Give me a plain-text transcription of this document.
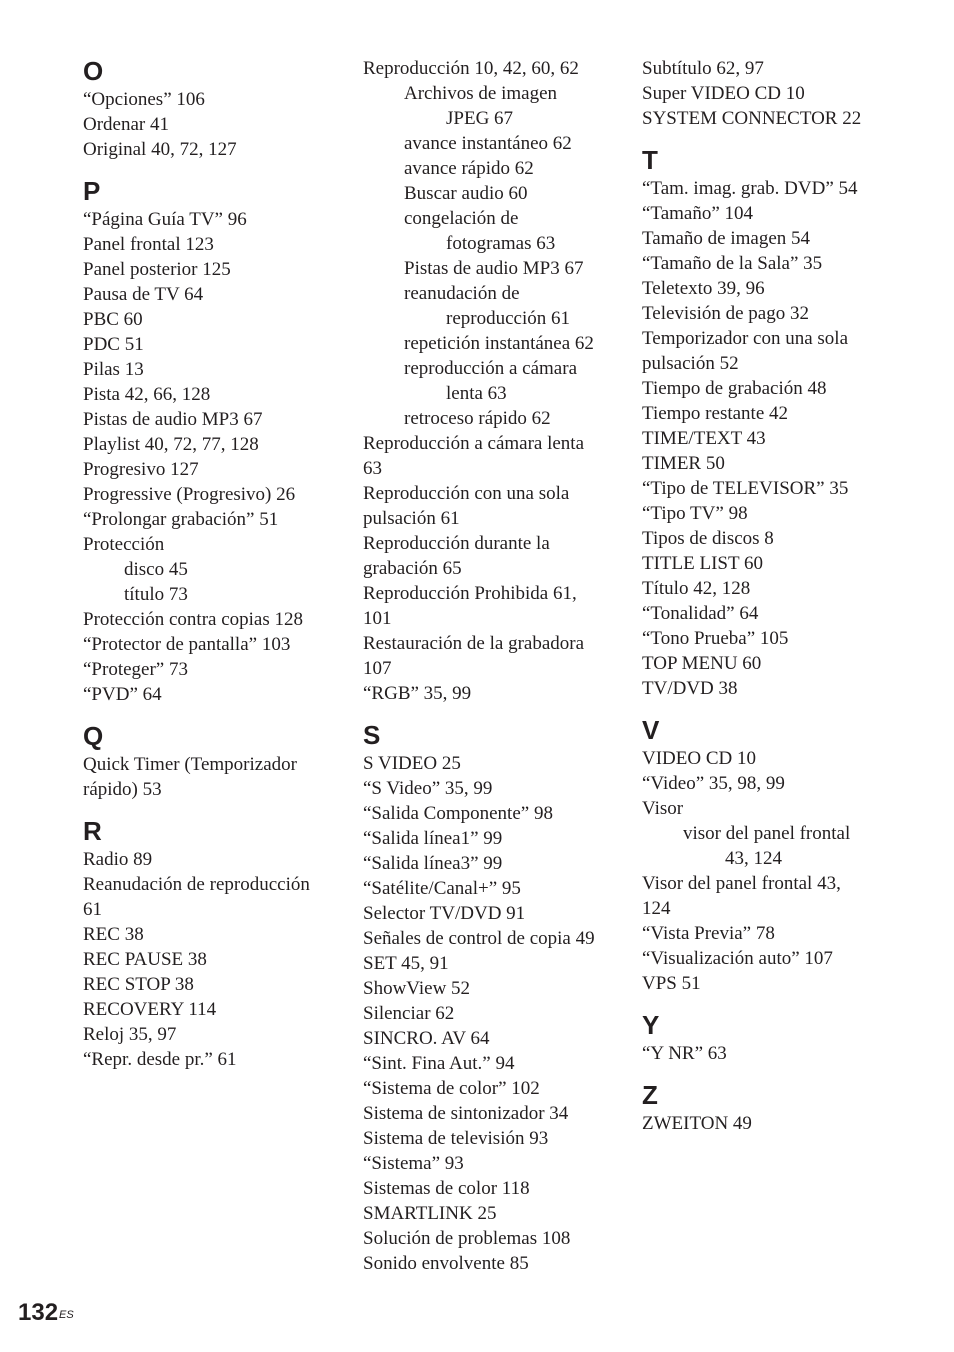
O
“Opciones” 106
Ordenar 41
Original 40, 72, 127
P
“Página Guía TV” 96
Panel frontal 123
Panel posterior 125
Pausa de TV 64
PBC 60
PDC 51
Pilas 13
Pista 42, 66, 128
Pistas de audio MP3 67
Playlist 40, 72, 77, 128
Progresivo 127
Progressive (Progresivo) 26
“Prolongar grabación” 51
Protección
disco 45
título 73
Protección contra copias 128
“Protector de pantalla” 103
“Proteger” 73
“PVD” 64
Q
Quick Timer (Temporizador
rápido) 53
R
Radio 89
Reanudación de reproducción
61
REC 38
REC PAUSE 38
REC STOP 38
RECOVERY 114
Reloj 35, 97
“Repr. desde pr.” 61
Reproducción 10, 42, 60, 62
Archivos de imagen
JPEG 67
avance instantáneo 62
avance rápido 62
Buscar audio 60
congelación de
fotogramas 63
Pistas de audio MP3 67
reanudación de
reproducción 61
repetición instantánea 62
reproducción a cámara
lenta 63
retroceso rápido 62
Reproducción a cámara lenta
63
Reproducción con una sola
pulsación 61
Reproducción durante la
grabación 65
Reproducción Prohibida 61,
101
Restauración de la grabadora
107
“RGB” 35, 99
S
S VIDEO 25
“S Video” 35, 99
“Salida Componente” 98
“Salida línea1” 99
“Salida línea3” 99
“Satélite/Canal+” 95
Selector TV/DVD 91
Señales de control de copia 49
SET 45, 91
ShowView 52
Silenciar 62
SINCRO. AV 64
“Sint. Fina Aut.” 94
“Sistema de color” 102
Sistema de sintonizador 34
Sistema de televisión 93
“Sistema” 93
Sistemas de color 118
SMARTLINK 25
Solución de problemas 108
Sonido envolvente 85
Subtítulo 62, 97
Super VIDEO CD 10
SYSTEM CONNECTOR 22
T
“Tam. imag. grab. DVD” 54
“Tamaño” 104
Tamaño de imagen 54
“Tamaño de la Sala” 35
Teletexto 39, 96
Televisión de pago 32
Temporizador con una sola
pulsación 52
Tiempo de grabación 48
Tiempo restante 42
TIME/TEXT 43
TIMER 50
“Tipo de TELEVISOR” 35
“Tipo TV” 98
Tipos de discos 8
TITLE LIST 60
Título 42, 128
“Tonalidad” 64
“Tono Prueba” 105
TOP MENU 60
TV/DVD 38
V
VIDEO CD 10
“Video” 35, 98, 99
Visor
visor del panel frontal
43, 124
Visor del panel frontal 43,
124
“Vista Previa” 78
“Visualización auto” 107
VPS 51
Y
“Y NR” 63
Z
ZWEITON 49
$132^{ES}$
